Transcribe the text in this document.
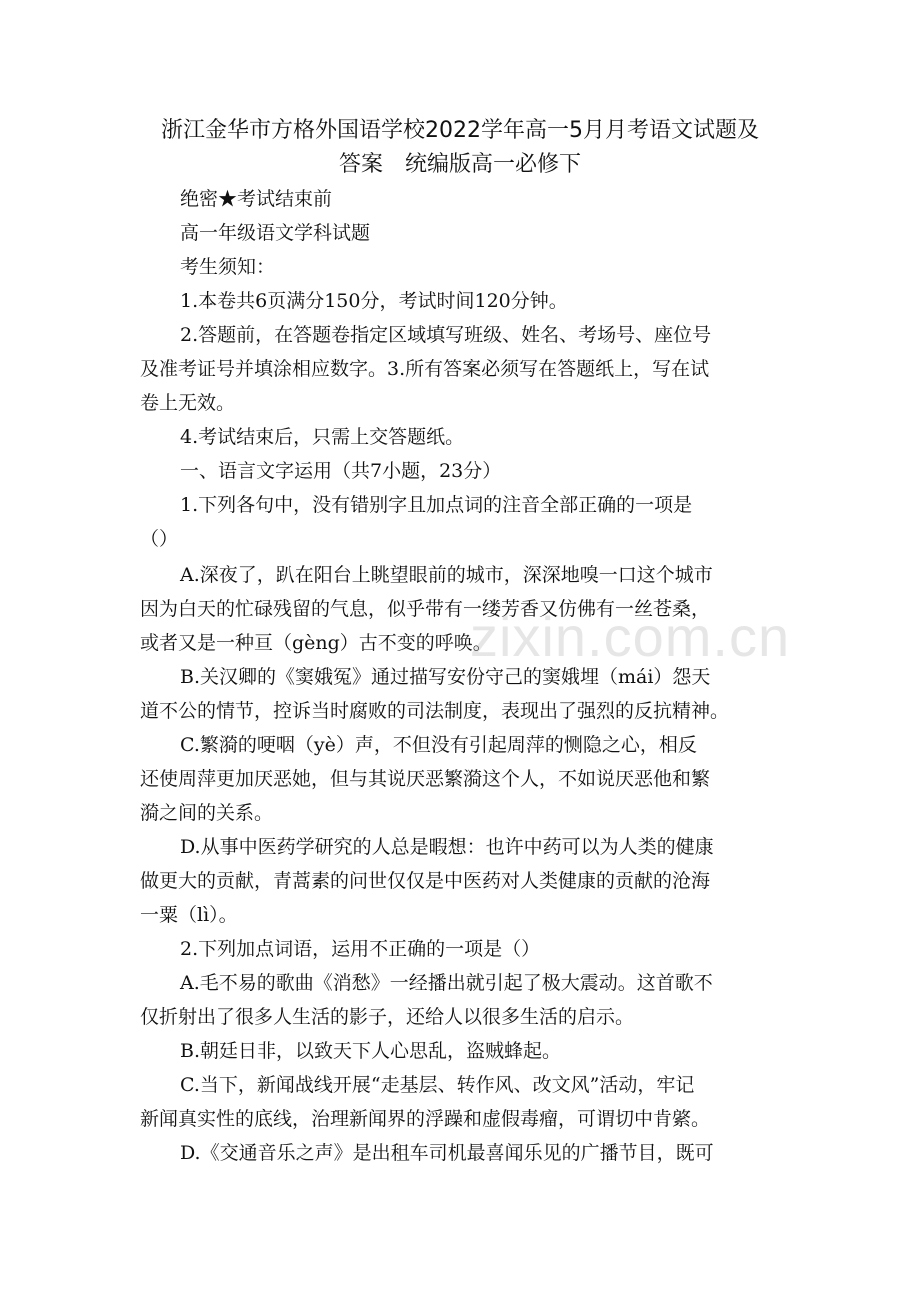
浙江金华市方格外国语学校2022学年高一5月月考语文试题及
答案　统编版高一必修下

绝密★考试结束前

高一年级语文学科试题

考生须知：

1.本卷共6页满分150分，考试时间120分钟。

2.答题前，在答题卷指定区域填写班级、姓名、考场号、座位号

及准考证号并填涂相应数字。3.所有答案必须写在答题纸上，写在试

卷上无效。

4.考试结束后，只需上交答题纸。

一、语言文字运用（共7小题，23分）

1.下列各句中，没有错别字且加点词的注音全部正确的一项是

（）

A.深夜了，趴在阳台上眺望眼前的城市，深深地嗅一口这个城市

因为白天的忙碌残留的气息，似乎带有一缕芳香又仿佛有一丝苍桑，

或者又是一种亘（gèng）古不变的呼唤。

B.关汉卿的《窦娥冤》通过描写安份守己的窦娥埋（mái）怨天

道不公的情节，控诉当时腐败的司法制度，表现出了强烈的反抗精神。

C.繁漪的哽咽（yè）声，不但没有引起周萍的恻隐之心，相反

还使周萍更加厌恶她，但与其说厌恶繁漪这个人，不如说厌恶他和繁

漪之间的关系。

D.从事中医药学研究的人总是暇想：也许中药可以为人类的健康

做更大的贡献，青蒿素的问世仅仅是中医药对人类健康的贡献的沧海

一粟（lì）。

2.下列加点词语，运用不正确的一项是（）

A.毛不易的歌曲《消愁》一经播出就引起了极大震动。这首歌不

仅折射出了很多人生活的影子，还给人以很多生活的启示。

B.朝廷日非，以致天下人心思乱，盗贼蜂起。

C.当下，新闻战线开展“走基层、转作风、改文风”活动，牢记

新闻真实性的底线，治理新闻界的浮躁和虚假毒瘤，可谓切中肯綮。

D.《交通音乐之声》是出租车司机最喜闻乐见的广播节目，既可

zixin.com.cn
